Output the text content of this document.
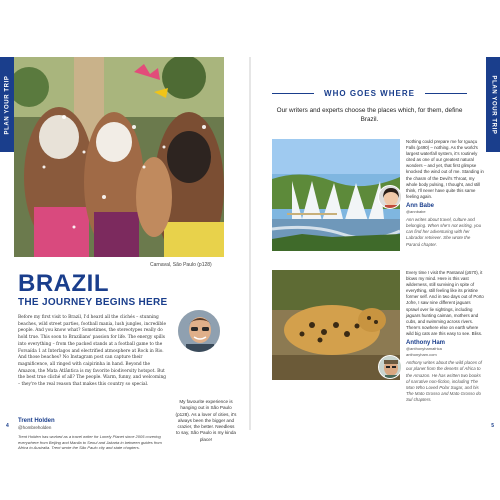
PLAN YOUR TRIP	PLAN YOUR TRIP
Carnaval, São Paulo (p128)
BRAZIL
THE JOURNEY BEGINS HERE

Before my first visit to Brazil, I'd heard all the clichés – stunning beaches, wild street parties, football mania, lush jungles, incredible people. And you know what? Sometimes, the stereotypes really do hold true. This soon to Brazilians' passion for life. The energy spills into everything – from the packed stands at a football game to the Forsaída 1 at Interlagos and electrified atmosphere at Rock in Rio. And those beaches? No Instagram post can capture their magnificence, all ringed with caipirinha in hand. Beyond the Amazon, the Mata Atlântica is my favorite biodiversity hotspot. But the best true cliché of all? The people. Warm, funny, and welcoming – they're the real reason that makes this country so special.

Trent Holden
@hombreholden
Trent Holden has worked as a travel writer for Lonely Planet since 2005 covering everywhere from Beijing and Manila to Seoul and Jakarta in between guides from Africa to Australia. Trent wrote the São Paulo city and state chapters.
My favourite experience is hanging out in São Paulo (p128). As a lover of cities, it's always been the bigger and crazier, the better. Needless to say, São Paulo is my kinda place!
4
WHO GOES WHERE
Our writers and experts choose the places which, for them, define Brazil.
Nothing could prepare me for Iguaçu Falls (p490) – nothing. As the world's largest waterfall system, it's routinely cited as one of our greatest natural wonders – and yet, that first glimpse knocked the wind out of me. Standing in the chasm of the Devil's Throat, my whole body pulsing, I thought, and still think, I'll never have quite this same feeling again.
Ann Babe
@annbabe
Ann writes about travel, culture and belonging. When she's not writing, you can find her adventuring with her Labrador retriever. She wrote the Paraná chapter.
Every time I visit the Pantanal (p570), it blows my mind. Here is this vast wilderness, still surviving in spite of everything, still feeling like its pristine former self. And in two days out of Porto Jofre, I saw nine different jaguars sprawl over lie sightings, including jaguars hunting caiman, mothers and cubs, and swimming across rivers. There's nowhere else on earth where wild big cats are this easy to see. Bliss.
Anthony Ham
@anthonyhamafrica
anthonyham.com
Anthony writes about the wild places of our planet from the deserts of Africa to the Amazon. He has written two books of narrative non-fiction, including The Man Who Loved Polar Sugar, and his The Mato Grosso and Mato Grosso do Sul chapters.
5
